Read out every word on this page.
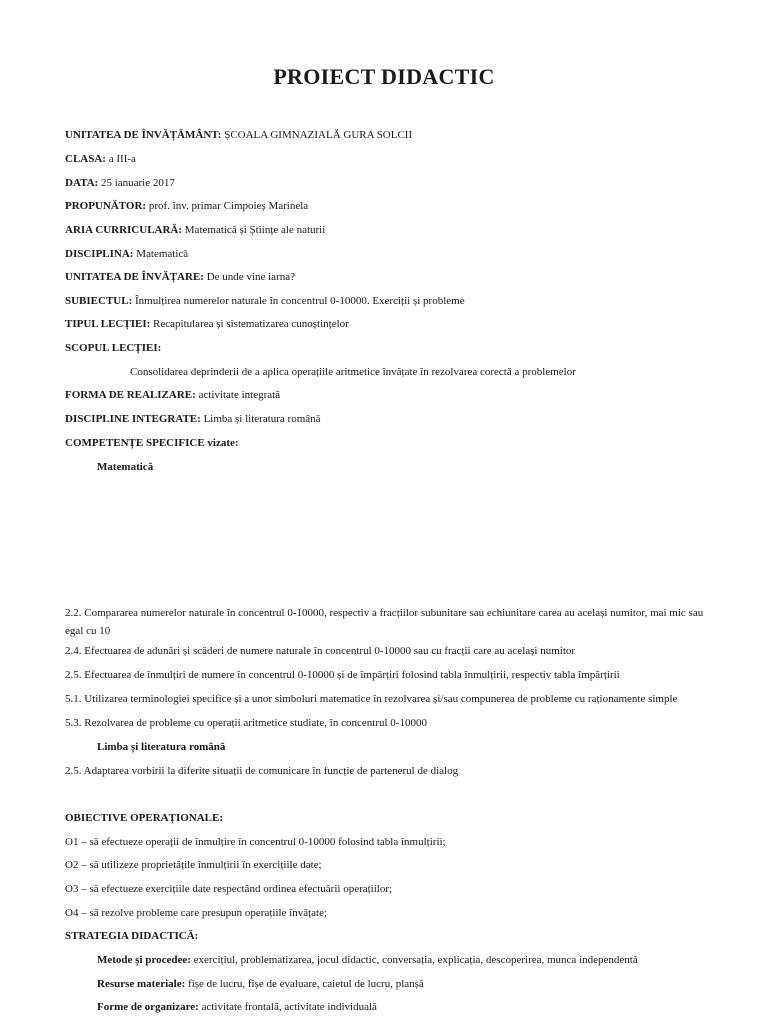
PROIECT DIDACTIC
UNITATEA DE ÎNVĂȚĂMÂNT: ȘCOALA GIMNAZIALĂ GURA SOLCII
CLASA: a III-a
DATA: 25 ianuarie 2017
PROPUNĂTOR: prof. înv. primar Cimpoieș Marinela
ARIA CURRICULARĂ: Matematică și Științe ale naturii
DISCIPLINA: Matematică
UNITATEA DE ÎNVĂȚARE: De unde vine iarna?
SUBIECTUL: Înmulțirea numerelor naturale în concentrul 0-10000. Exerciții și probleme
TIPUL LECȚIEI: Recapitularea și sistematizarea cunoștințelor
SCOPUL LECȚIEI:
Consolidarea deprinderii de a aplica operațiile aritmetice învățate în rezolvarea corectă a problemelor
FORMA DE REALIZARE: activitate integrată
DISCIPLINE INTEGRATE: Limba și literatura română
COMPETENȚE SPECIFICE vizate:
Matematică
2.2. Compararea numerelor naturale în concentrul 0-10000, respectiv a fracțiilor subunitare sau echiunitare carea au același numitor, mai mic sau egal cu 10
2.4. Efectuarea de adunări și scăderi de numere naturale în concentrul 0-10000 sau cu fracții care au același numitor
2.5. Efectuarea de înmulțiri de numere în concentrul 0-10000 și de împărțiri folosind tabla înmulțirii, respectiv tabla împărțirii
5.1. Utilizarea terminologiei specifice și a unor simboluri matematice în rezolvarea și/sau compunerea de probleme cu raționamente simple
5.3. Rezolvarea de probleme cu operații aritmetice studiate, în concentrul 0-10000
Limba și literatura română
2.5. Adaptarea vorbirii la diferite situații de comunicare în funcție de partenerul de dialog
OBIECTIVE OPERAȚIONALE:
O1 – să efectueze operații de înmulțire în concentrul 0-10000 folosind tabla înmulțirii;
O2 – să utilizeze proprietățile înmulțirii în exercițiile date;
O3 – să efectueze exercițiile date respectând ordinea efectuării operațiilor;
O4 – să rezolve probleme care presupun operațiile învățate;
STRATEGIA DIDACTICĂ:
Metode și procedee: exercițiul, problematizarea, jocul didactic, conversația, explicația, descoperirea, munca independentă
Resurse materiale: fișe de lucru, fișe de evaluare, caietul de lucru, planșă
Forme de organizare: activitate frontală, activitate individuală
